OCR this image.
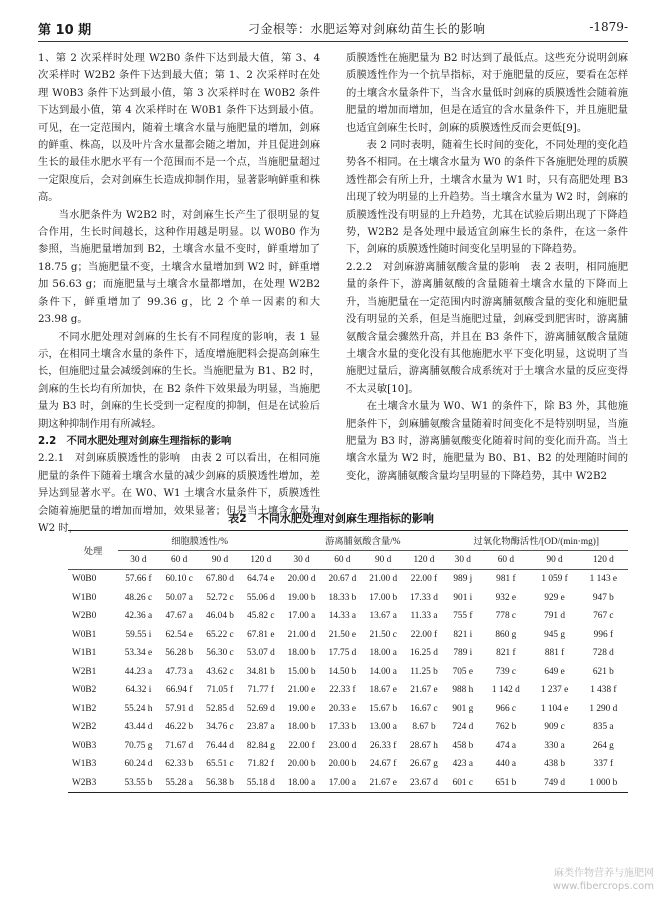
第 10 期	刁金根等：水肥运筹对剑麻幼苗生长的影响	-1879-

1、第 2 次采样时处理 W2B0 条件下达到最大值，第 3、4 次采样时 W2B2 条件下达到最大值；第 1、2 次采样时在处理 W0B3 条件下达到最小值，第 3 次采样时在 W0B2 条件下达到最小值，第 4 次采样时在 W0B1 条件下达到最小值。可见，在一定范围内，随着土壤含水量与施肥量的增加，剑麻的鲜重、株高，以及叶片含水量都会随之增加，并且促进剑麻生长的最佳水肥水平有一个范围而不是一个点，当施肥量超过一定限度后，会对剑麻生长造成抑制作用，显著影响鲜重和株高。

当水肥条件为 W2B2 时，对剑麻生长产生了很明显的复合作用，生长时间越长，这种作用越是明显。以 W0B0 作为参照，当施肥量增加到 B2，土壤含水量不变时，鲜重增加了 18.75 g；当施肥量不变，土壤含水量增加到 W2 时，鲜重增加 56.63 g；而施肥量与土壤含水量都增加，在处理 W2B2 条件下，鲜重增加了 99.36 g，比 2 个单一因素的和大 23.98 g。

不同水肥处理对剑麻的生长有不同程度的影响，表 1 显示，在相同土壤含水量的条件下，适度增施肥料会提高剑麻生长，但施肥过量会减缓剑麻的生长。当施肥量为 B1、B2 时，剑麻的生长均有所加快，在 B2 条件下效果最为明显，当施肥量为 B3 时，剑麻的生长受到一定程度的抑制，但是在试验后期这种抑制作用有所减轻。

2.2　不同水肥处理对剑麻生理指标的影响

2.2.1　对剑麻质膜透性的影响　由表 2 可以看出，在相同施肥量的条件下随着土壤含水量的减少剑麻的质膜透性增加，差异达到显著水平。在 W0、W1 土壤含水量条件下，质膜透性会随着施肥量的增加而增加，效果显著；但是当土壤含水量为 W2 时，

质膜透性在施肥量为 B2 时达到了最低点。这些充分说明剑麻质膜透性作为一个抗旱指标，对于施肥量的反应，要看在怎样的土壤含水量条件下，当含水量低时剑麻的质膜透性会随着施肥量的增加而增加，但是在适宜的含水量条件下，并且施肥量也适宜剑麻生长时，剑麻的质膜透性反而会更低[9]。

表 2 同时表明，随着生长时间的变化，不同处理的变化趋势各不相同。在土壤含水量为 W0 的条件下各施肥处理的质膜透性都会有所上升，土壤含水量为 W1 时，只有高肥处理 B3 出现了较为明显的上升趋势。当土壤含水量为 W2 时，剑麻的质膜透性没有明显的上升趋势，尤其在试验后期出现了下降趋势，W2B2 是各处理中最适宜剑麻生长的条件，在这一条件下，剑麻的质膜透性随时间变化呈明显的下降趋势。

2.2.2　对剑麻游离脯氨酸含量的影响　表 2 表明，相同施肥量的条件下，游离脯氨酸的含量随着土壤含水量的下降而上升，当施肥量在一定范围内时游离脯氨酸含量的变化和施肥量没有明显的关系，但是当施肥过量，剑麻受到肥害时，游离脯氨酸含量会骤然升高，并且在 B3 条件下，游离脯氨酸含量随土壤含水量的变化没有其他施肥水平下变化明显，这说明了当施肥过量后，游离脯氨酸合成系统对于土壤含水量的反应变得不太灵敏[10]。

在土壤含水量为 W0、W1 的条件下，除 B3 外，其他施肥条件下，剑麻脯氨酸含量随着时间变化不是特别明显，当施肥量为 B3 时，游离脯氨酸变化随着时间的变化而升高。当土壤含水量为 W2 时，施肥量为 B0、B1、B2 的处理随时间的变化，游离脯氨酸含量均呈明显的下降趋势，其中 W2B2

表2　不同水肥处理对剑麻生理指标的影响
处理	细胞膜透性/%				游离脯氨酸含量/%				过氧化物酶活性/[OD/(min·mg)]			
	30 d	60 d	90 d	120 d	30 d	60 d	90 d	120 d	30 d	60 d	90 d	120 d
W0B0	57.66 f	60.10 c	67.80 d	64.74 e	20.00 d	20.67 d	21.00 d	22.00 f	989 j	981 f	1 059 f	1 143 e
W1B0	48.26 c	50.07 a	52.72 c	55.06 d	19.00 b	18.33 b	17.00 b	17.33 d	901 i	932 e	929 e	947 b
W2B0	42.36 a	47.67 a	46.04 b	45.82 c	17.00 a	14.33 a	13.67 a	11.33 a	755 f	778 c	791 d	767 c
W0B1	59.55 i	62.54 e	65.22 c	67.81 e	21.00 d	21.50 e	21.50 c	22.00 f	821 i	860 g	945 g	996 f
W1B1	53.34 e	56.28 b	56.30 c	53.07 d	18.00 b	17.75 d	18.00 a	16.25 d	789 i	821 f	881 f	728 d
W2B1	44.23 a	47.73 a	43.62 c	34.81 b	15.00 b	14.50 b	14.00 a	11.25 b	705 e	739 c	649 e	621 b
W0B2	64.32 i	66.94 f	71.05 f	71.77 f	21.00 e	22.33 f	18.67 e	21.67 e	988 h	1 142 d	1 237 e	1 438 f
W1B2	55.24 h	57.91 d	52.85 d	52.69 d	19.00 e	20.33 e	15.67 b	16.67 c	901 g	966 c	1 104 e	1 290 d
W2B2	43.44 d	46.22 b	34.76 c	23.87 a	18.00 b	17.33 b	13.00 a	8.67 b	724 d	762 b	909 c	835 a
W0B3	70.75 g	71.67 d	76.44 d	82.84 g	22.00 f	23.00 d	26.33 f	28.67 h	458 b	474 a	330 a	264 g
W1B3	60.24 d	62.33 b	65.51 c	71.82 f	20.00 b	20.00 b	24.67 f	26.67 g	423 a	440 a	438 b	337 f
W2B3	53.55 b	55.28 a	56.38 b	55.18 d	18.00 a	17.00 a	21.67 e	23.67 d	601 c	651 b	749 d	1 000 b
麻类作物营养与施肥网
www.fibercrops.com
